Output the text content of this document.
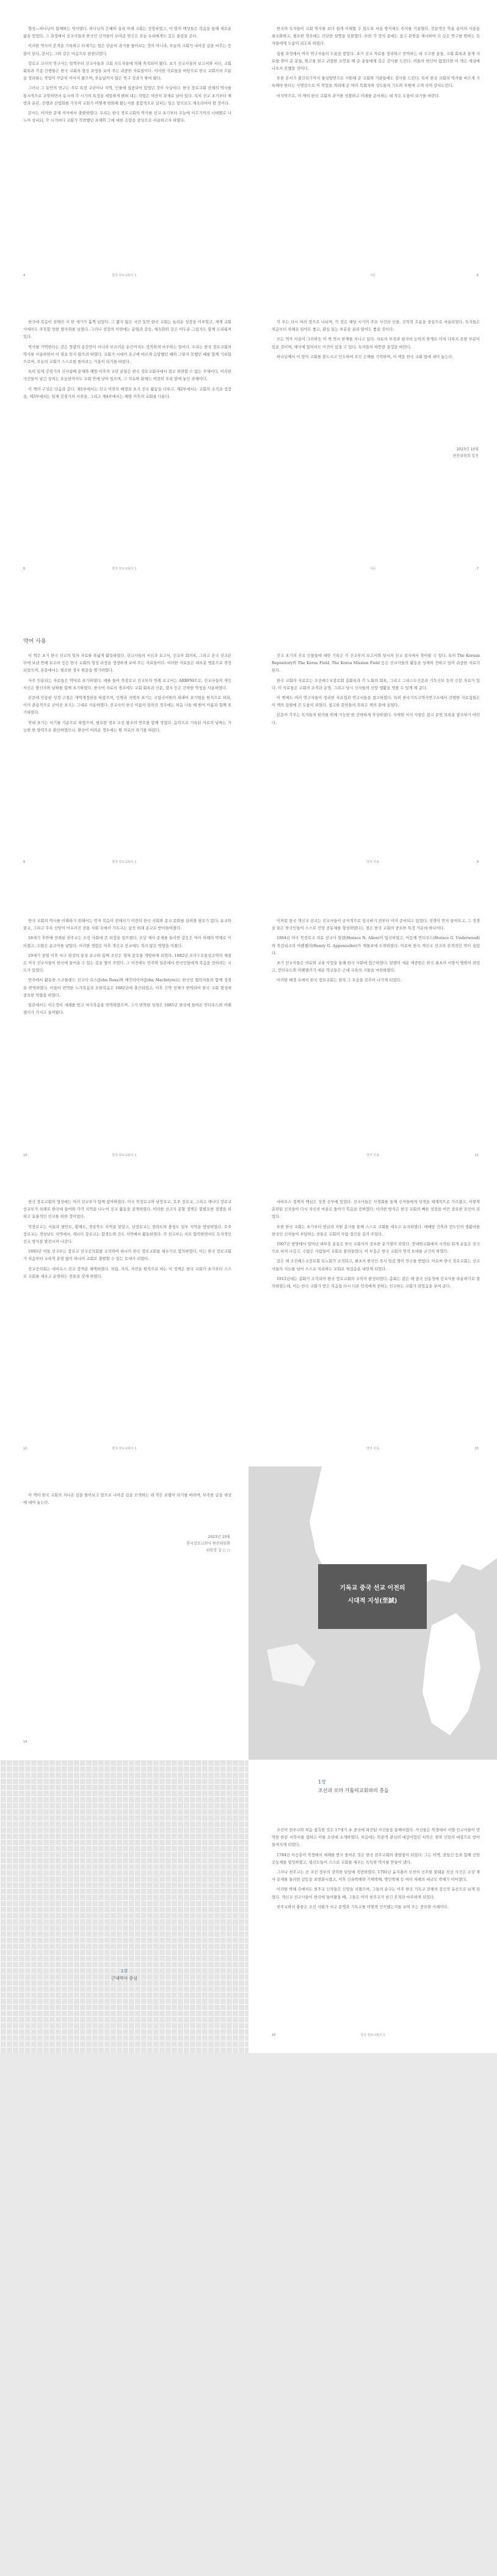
향상—하나님이 함께하는 역사였다. 하나님의 은혜와 섭리 아래 교회는 성장하였고, 이 땅의 백성들은 복음을 통해 새로운 삶을 얻었다. 그 과정에서 선교사들과 한국인 신자들이 보여준 헌신은 오늘 우리에게도 깊은 울림을 준다.

이러한 역사의 흔적을 기록하고 되새기는 일은 단순히 과거를 돌아보는 것이 아니라, 오늘의 교회가 나아갈 길을 비추는 등불이 된다. 본서는 그와 같은 마음으로 편찬되었다.

장로교 교사의 연구사는 일찍부터 선교사들과 교회 지도자들에 의해 축적되어 왔다. 초기 선교사들의 보고서와 서신, 교회 회록과 각종 간행물은 한국 교회의 형성 과정을 보여 주는 귀중한 자료들이다. 이러한 자료들을 바탕으로 한국 교회사의 흐름을 정리하는 작업이 꾸준히 이어져 왔으며, 오늘날까지 많은 연구 성과가 쌓여 왔다.

그러나 그 동안의 연구는 주로 특정 교단이나 지역, 인물에 집중되어 있었던 것이 사실이다. 한국 장로교회 전체의 역사를 통시적으로 조망하면서 동시에 각 시기의 특징을 세밀하게 밝혀 내는 작업은 여전히 과제로 남아 있다. 특히 선교 초기부터 해방과 분단, 전쟁과 산업화를 거치며 교회가 어떻게 변화해 왔는지를 종합적으로 살피는 일은 앞으로도 계속되어야 할 것이다.

본서는 이러한 문제 의식에서 출발하였다. 우리는 한국 장로교회의 역사를 선교 초기부터 오늘에 이르기까지 시대별로 나누어 살피되, 각 시기마다 교회가 직면했던 과제와 그에 대한 응답을 중심으로 서술하고자 하였다.

4	한국 장로교회사 1

한국의 독자들이 교회 역사를 보다 쉽게 이해할 수 있도록 서술 방식에도 주의를 기울였다. 전문적인 학술 용어의 사용을 최소화하고, 필요한 경우에는 간단한 설명을 덧붙였다. 또한 각 장의 끝에는 참고 문헌을 제시하여 더 깊은 연구를 원하는 독자들에게 도움이 되도록 하였다.

집필 과정에서 여러 연구자들의 도움을 받았다. 초기 선교 자료를 정리하고 번역하는 데 수고한 분들, 교회 회록과 통계 자료를 찾아 준 분들, 원고를 읽고 귀중한 조언을 해 준 분들에게 깊은 감사를 드린다. 이들의 헌신이 없었다면 이 책은 세상에 나오지 못했을 것이다.

또한 본서가 출간되기까지 물심양면으로 지원해 준 교회와 기관들에도 감사를 드린다. 특히 한국 교회의 역사를 바르게 기록해야 한다는 사명감으로 이 작업을 격려해 준 여러 목회자와 성도들의 기도와 후원에 고개 숙여 감사드린다.

마지막으로, 이 책이 한국 교회의 과거를 성찰하고 미래를 준비하는 데 작은 도움이 되기를 바란다.

5
서문

한국에 복음이 전해진 지 한 세기가 훌쩍 넘었다. 그 짧지 않은 시간 동안 한국 교회는 놀라운 성장을 이루었고, 세계 교회사에서도 주목할 만한 발자취를 남겼다. 그러나 성장의 이면에는 분열과 갈등, 세속화와 같은 어두운 그림자도 함께 드리워져 있다.

역사를 기억한다는 것은 영광의 순간만이 아니라 부끄러운 순간까지도 정직하게 마주하는 일이다. 우리는 한국 장로교회의 역사를 서술하면서 이 점을 잊지 않으려 하였다. 교회가 시대의 요구에 바르게 응답했던 때와 그렇지 못했던 때를 함께 기록함으로써, 오늘의 교회가 스스로를 돌아보는 거울이 되기를 바랐다.

특히 일제 강점기의 신사참배 문제와 해방 이후의 교단 분열은 한국 장로교회사에서 결코 외면할 수 없는 주제이다. 이러한 사건들이 남긴 상처는 오늘날까지도 교회 안에 남아 있으며, 그 치유와 화해는 여전히 우리 앞에 놓인 과제이다.

이 책의 구성은 다음과 같다. 제1부에서는 선교 이전의 배경과 초기 선교 활동을 다루고, 제2부에서는 교회의 조직과 성장을, 제3부에서는 일제 강점기의 시련을, 그리고 제4부에서는 해방 이후의 교회를 다룬다.

6	한국 장로교회사 1

각 부는 다시 여러 장으로 나뉘며, 각 장은 해당 시기의 주요 사건과 인물, 신학적 흐름을 중심으로 서술되었다. 독자들은 처음부터 차례로 읽어도 좋고, 관심 있는 부분을 골라 읽어도 좋을 것이다.

모든 역사 서술이 그러하듯 이 책 역시 한계를 지니고 있다. 자료의 부족과 필자의 능력의 한계로 미처 다루지 못한 부분이 있을 것이며, 해석에 있어서도 이견이 있을 수 있다. 독자들의 따뜻한 질정을 바란다.

하나님께서 이 땅의 교회를 붙드시고 인도하여 오신 은혜를 기억하며, 이 책을 한국 교회 앞에 내어 놓는다.

2023년 10월
편찬위원회 일동
7
서문
약어 사용

이 책은 초기 한국 선교의 일차 자료를 폭넓게 활용하였다. 선교사들의 서신과 보고서, 선교부 회의록, 그리고 본국 선교본부에 보낸 연례 보고서 등은 한국 교회의 형성 과정을 생생하게 보여 주는 자료들이다. 이러한 자료들은 대부분 영문으로 작성되었으며, 본문에서는 필요한 경우 원문을 병기하였다.

자주 인용되는 자료들은 약어로 표기하였다. 예를 들어 북장로교 선교부의 연례 보고서는 ARBFM으로, 선교사들의 개인 서신은 발신자와 날짜를 함께 표기하였다. 한국어 자료의 경우에도 교회 회록과 신문, 잡지 등은 간략한 약칭을 사용하였다.

본문에 인용된 성경 구절은 개역개정판을 따랐으며, 인명과 지명의 표기는 국립국어원의 외래어 표기법을 원칙으로 하되, 이미 관용적으로 굳어진 표기는 그대로 사용하였다. 선교사의 한국 이름이 알려진 경우에는 처음 나올 때 원어 이름과 함께 표기하였다.

연대 표기는 서기를 기준으로 하였으며, 필요한 경우 조선 왕조의 연호를 함께 적었다. 음력으로 기록된 자료의 날짜는 가능한 한 양력으로 환산하였으나, 환산이 어려운 경우에는 원 자료의 표기를 따랐다.

8	한국 장로교회사 1

선교 초기의 주요 인물들에 대한 기록은 각 선교부의 보고서와 당시의 선교 잡지에서 찾아볼 수 있다. 특히 The Korean Repository와 The Korea Field, The Korea Mission Field 등은 선교사들의 활동을 상세히 전하고 있어 귀중한 자료가 된다.

한국 교회의 자료로는 조선예수교장로회 총회록과 각 노회의 회록, 그리고 그리스도신문과 기독신보 등의 신문 자료가 있다. 이 자료들은 교회의 조직과 운영, 그리고 당시 신자들의 신앙 생활을 엿볼 수 있게 해 준다.

이 밖에도 여러 연구자들이 정리한 자료집과 연구서들을 참고하였다. 특히 한국기독교역사연구소에서 간행한 자료집들은 이 책의 집필에 큰 도움이 되었다. 참고한 문헌들의 목록은 책의 끝에 실었다.

본문의 각주는 독자들의 편의를 위해 가능한 한 간략하게 작성하였다. 자세한 서지 사항은 참고 문헌 목록을 참조하기 바란다.

9
약어 사용

한국 교회의 역사를 이해하기 위해서는 먼저 복음이 전해지기 이전의 한국 사회와 종교 문화를 살펴볼 필요가 있다. 유교와 불교, 그리고 무속 신앙이 어우러진 전통 사회 속에서 기독교는 낯선 외래 종교로 받아들여졌다.

18세기 후반에 전래된 천주교는 조선 사회에 큰 파장을 일으켰다. 조상 제사 문제를 둘러싼 갈등은 여러 차례의 박해로 이어졌고, 수많은 순교자를 낳았다. 이러한 경험은 이후 개신교 선교에도 적지 않은 영향을 미쳤다.

19세기 중엽 이후 서구 열강의 통상 요구와 함께 조선은 점차 문호를 개방하게 되었다. 1882년 조미수호통상조약의 체결은 미국 선교사들이 한국에 들어올 수 있는 길을 열어 주었다. 그 이전에도 만주와 일본에서 한국인들에게 복음을 전하려는 시도가 있었다.

만주에서 활동한 스코틀랜드 선교사 로스(John Ross)와 매킨타이어(John MacIntyre)는 한국인 협력자들과 함께 성경을 번역하였다. 이들이 번역한 누가복음과 요한복음은 1882년에 출간되었고, 이후 신약 전체가 번역되어 한국 교회 형성에 중요한 역할을 하였다.

일본에서는 이수정이 세례를 받고 마가복음을 번역하였으며, 그가 번역한 성경은 1885년 한국에 들어온 언더우드와 아펜젤러가 가지고 들어왔다.

10	한국 장로교회사 1

이처럼 한국 개신교 선교는 선교사들이 공식적으로 입국하기 전부터 이미 준비되고 있었다. 성경이 먼저 들어오고, 그 성경을 읽은 한국인들이 스스로 신앙 공동체를 형성하였다는 점은 한국 교회의 중요한 특징 가운데 하나이다.

1884년 미국 북장로교 의료 선교사 알렌(Horace N. Allen)이 입국하였고, 이듬해 언더우드(Horace G. Underwood)와 북감리교의 아펜젤러(Henry G. Appenzeller)가 제물포에 도착하였다. 이로써 한국 개신교 선교의 본격적인 막이 올랐다.

초기 선교사들은 의료와 교육 사업을 통해 한국 사회에 접근하였다. 알렌이 세운 제중원은 한국 최초의 서양식 병원이 되었고, 언더우드와 아펜젤러가 세운 학교들은 근대 교육의 기틀을 마련하였다.

이러한 배경 속에서 한국 장로교회는 점차 그 모습을 갖추어 나가게 되었다.

11
약어 사용

한국 장로교회의 형성에는 여러 선교부가 함께 참여하였다. 미국 북장로교와 남장로교, 호주 장로교, 그리고 캐나다 장로교 선교부가 차례로 한국에 들어와 각각 지역을 나누어 선교 활동을 전개하였다. 이러한 선교지 분할 정책은 불필요한 경쟁을 피하고 효율적인 선교를 위한 것이었다.

북장로교는 서울과 평안도, 황해도, 경상북도 지역을 맡았고, 남장로교는 전라도와 충청도 일부 지역을 담당하였다. 호주 장로교는 경상남도 지역에서, 캐나다 장로교는 함경도와 간도 지역에서 활동하였다. 각 선교부는 서로 협력하면서도 독자적인 선교 방식을 발전시켜 나갔다.

1893년 이들 선교부는 장로교 선교공의회를 조직하여 하나의 한국 장로교회를 세우기로 합의하였다. 이는 한국 장로교회가 처음부터 교파적 분열 없이 하나의 교회로 출발할 수 있는 토대가 되었다.

선교공의회는 네비우스 선교 정책을 채택하였다. 자립, 자치, 자전을 원칙으로 하는 이 정책은 한국 교회가 초기부터 스스로 교회를 세우고 운영하는 전통을 갖게 하였다.

12	한국 장로교회사 1

네비우스 정책의 핵심은 성경 공부에 있었다. 선교사들은 사경회를 통해 신자들에게 성경을 체계적으로 가르쳤고, 이렇게 훈련된 신자들이 다시 자신의 마을로 돌아가 복음을 전하였다. 이러한 방식은 한국 교회의 빠른 성장을 이끈 중요한 요인이 되었다.

또한 한국 교회는 초기부터 헌금과 자원 봉사를 통해 스스로 교회를 세우고 유지하였다. 예배당 건축과 전도인의 생활비를 한국인 신자들이 부담하는 전통은 교회의 자립 정신을 길러 주었다.

1907년 평양에서 일어난 대부흥 운동은 한국 교회사의 중요한 분기점이 되었다. 장대현교회에서 시작된 회개 운동은 전국으로 퍼져 나갔고, 수많은 사람들이 교회로 몰려들었다. 이 부흥은 한국 교회의 영적 토대를 굳건히 하였다.

같은 해 조선예수교장로회 독노회가 조직되고, 최초의 한국인 목사 일곱 명이 안수를 받았다. 이로써 한국 장로교회는 선교사들의 지도를 넘어 스스로 치리하는 교회로 첫걸음을 내딛게 되었다.

1912년에는 총회가 조직되어 한국 장로교회의 조직이 완성되었다. 총회는 같은 해 중국 산동성에 선교사를 파송하기로 결의하였는데, 이는 한국 교회가 받은 복음을 다시 다른 민족에게 전하는 선교하는 교회가 되었음을 보여 준다.

13
약어 사용

이 책이 한국 교회의 지나온 길을 돌아보고 앞으로 나아갈 길을 모색하는 데 작은 보탬이 되기를 바라며, 부족한 글을 세상에 내어 놓는다.

2023년 10월
한국장로교회사 편찬위원회
위원장 김 ○ ○
14
기독교 중국 선교 이전의
시대적 지성(至誠)
1장
근대역사 중심
1장
조선과 로마 가톨릭교회와의 충돌

조선이 천주교와 처음 접촉한 것은 17세기 초 중국에 파견된 사신들을 통해서였다. 사신들은 북경에서 서양 선교사들이 번역한 한문 서학서를 접하고 이를 조선에 소개하였다. 처음에는 학문적 관심의 대상이었던 서학은 점차 신앙의 대상으로 받아들여지게 되었다.

1784년 이승훈이 북경에서 세례를 받고 돌아온 것은 한국 천주교회의 출발점이 되었다. 그는 이벽, 권일신 등과 함께 신앙 공동체를 형성하였고, 평신도들이 스스로 교회를 세우는 독특한 역사를 만들어 냈다.

그러나 천주교는 곧 조선 정부의 강력한 탄압에 직면하였다. 1791년 윤지충이 모친의 신주를 불태운 진산 사건은 조상 제사 문제를 둘러싼 갈등을 표면화시켰고, 이후 신유박해와 기해박해, 병인박해 등 여러 차례의 대규모 박해가 이어졌다.

이러한 박해 속에서도 천주교 신자들은 신앙을 지켰으며, 그들의 순교는 이후 한국 기독교 전체의 정신적 유산으로 남게 되었다. 개신교 선교사들이 한국에 들어왔을 때, 그들은 이미 천주교가 남긴 흔적과 마주하게 되었다.

천주교와의 충돌은 조선 사회가 서구 문명과 기독교를 어떻게 인식했는지를 보여 주는 중요한 사례이다.

16	한국 장로교회사 1
